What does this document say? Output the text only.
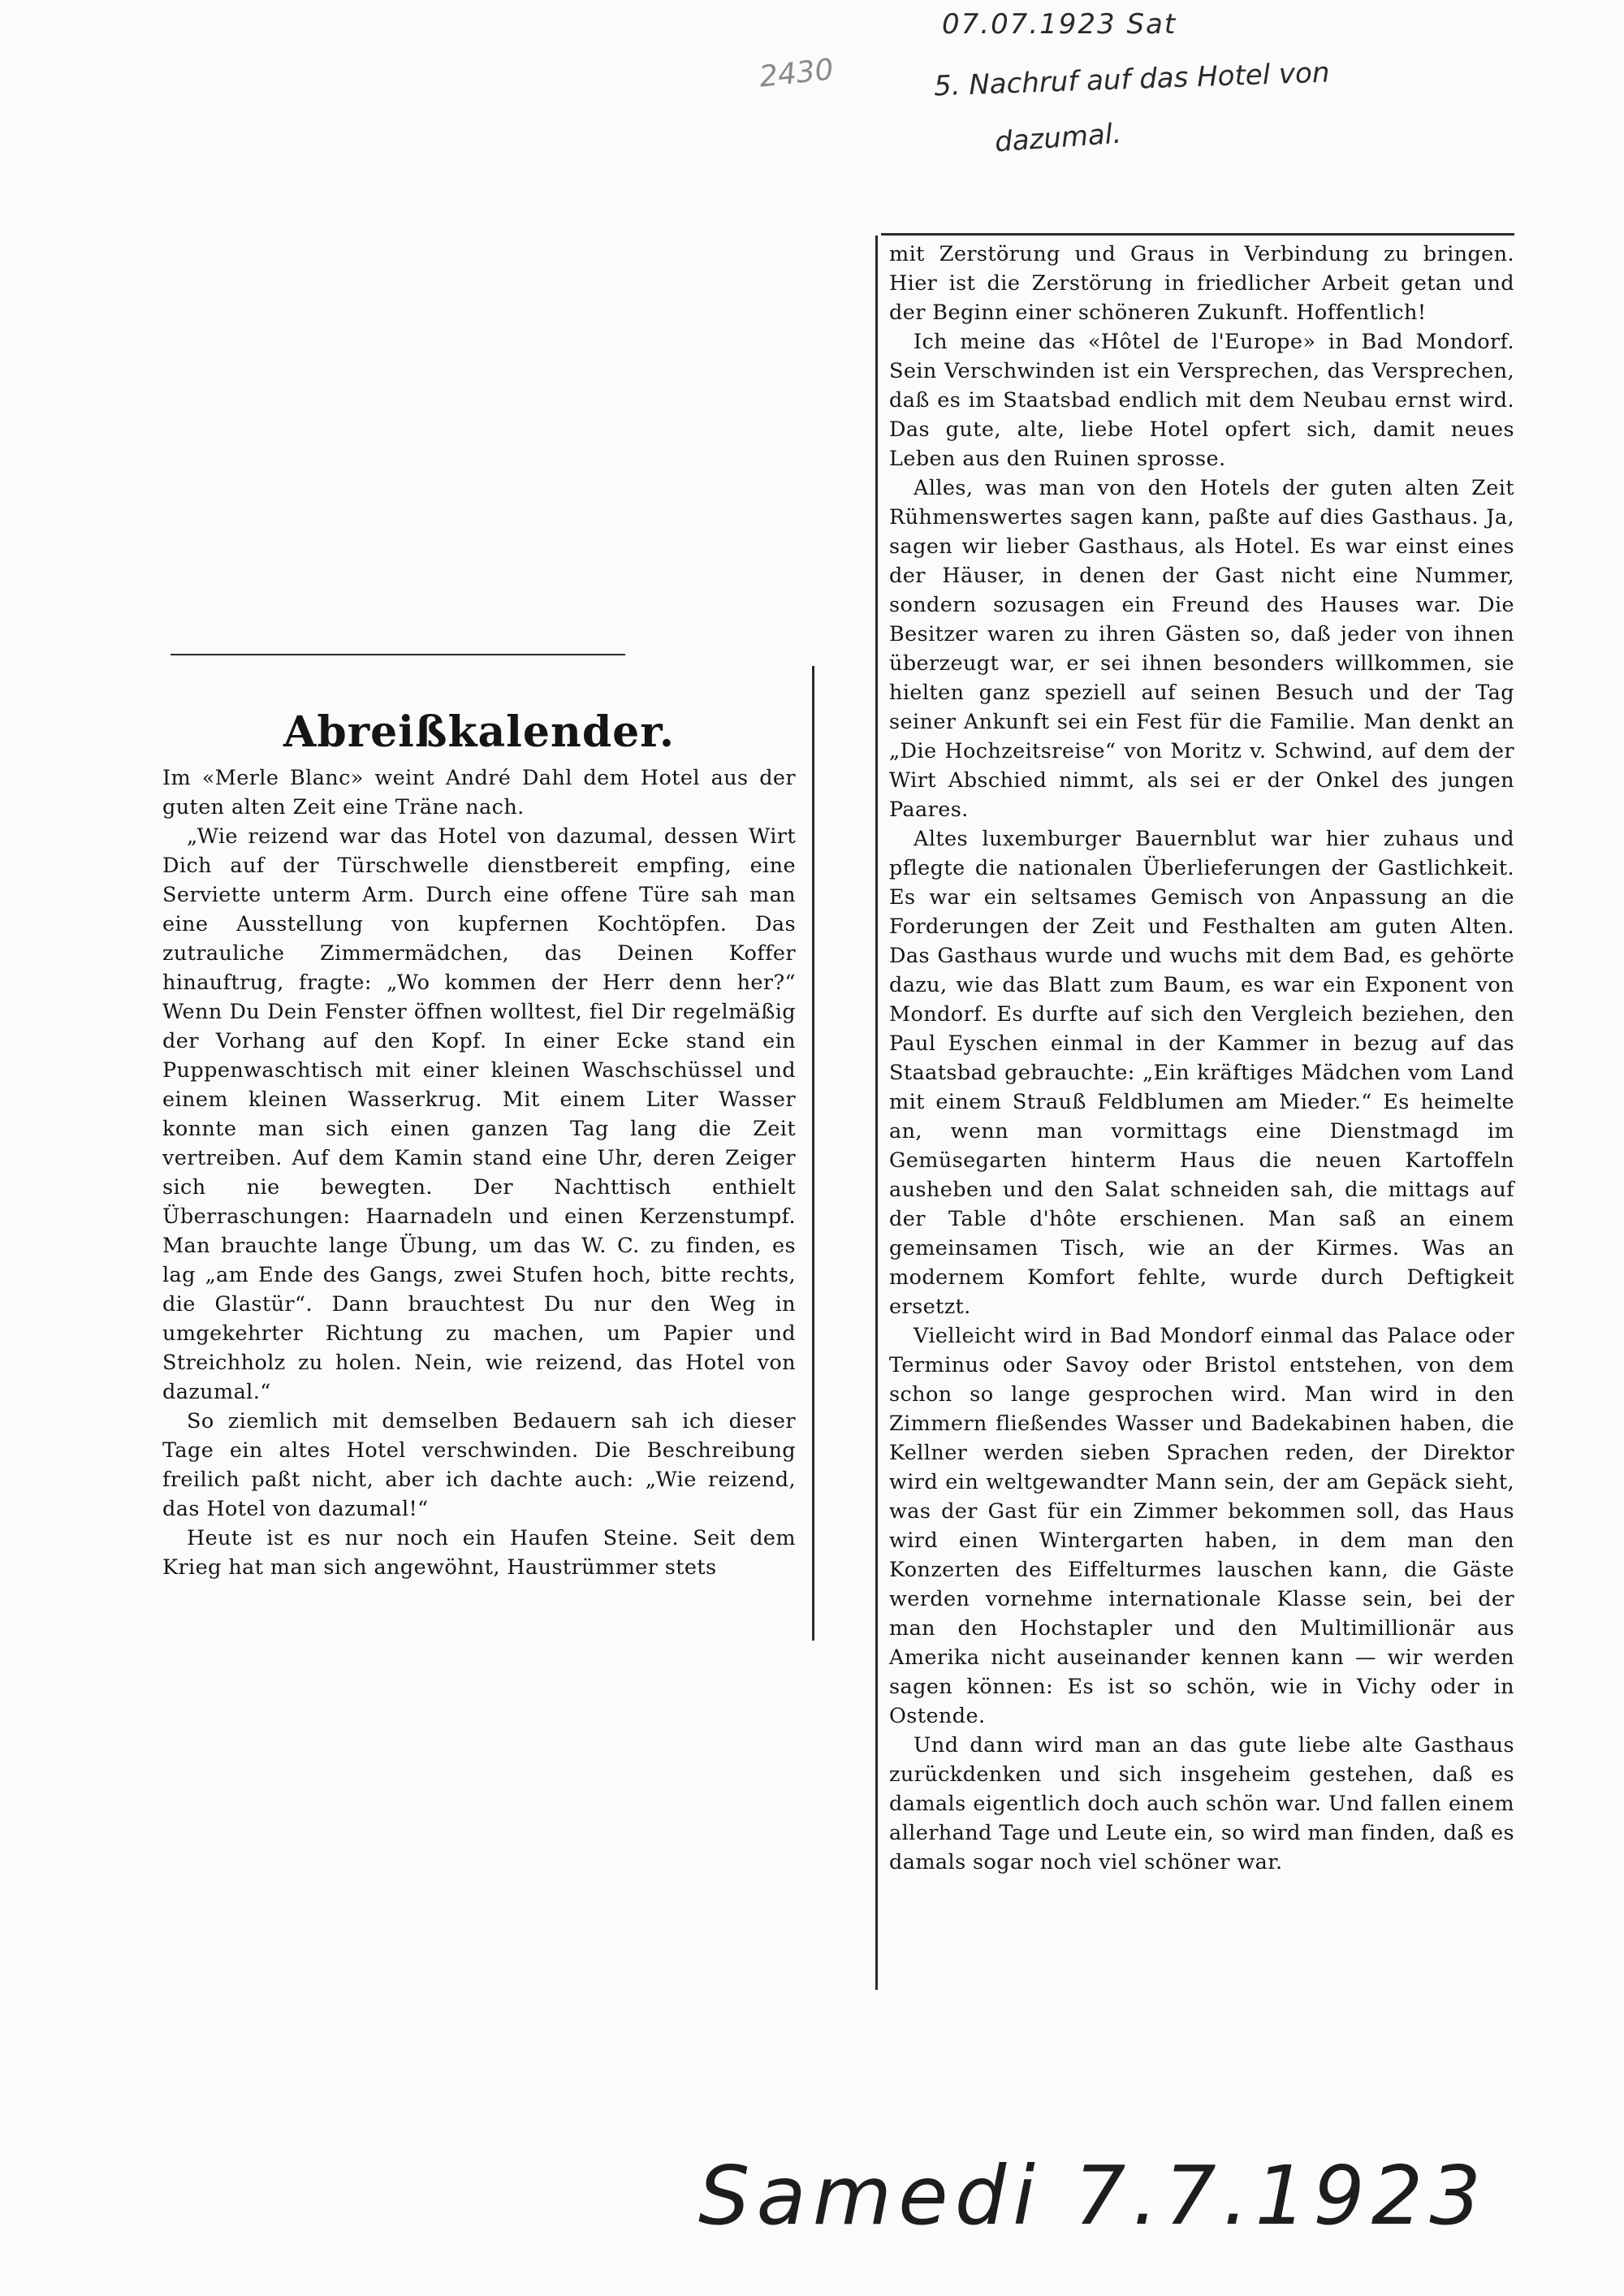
07.07.1923 Sat
2430	5. Nachruf auf das Hotel von
dazumal.
Abreißkalender.

Im «Merle Blanc» weint André Dahl dem Hotel aus der guten alten Zeit eine Träne nach.

„Wie reizend war das Hotel von dazumal, dessen Wirt Dich auf der Türschwelle dienstbereit empfing, eine Serviette unterm Arm. Durch eine offene Türe sah man eine Ausstellung von kupfernen Kochtöpfen. Das zutrauliche Zimmermädchen, das Deinen Koffer hinauftrug, fragte: „Wo kommen der Herr denn her?“ Wenn Du Dein Fenster öffnen wolltest, fiel Dir regelmäßig der Vorhang auf den Kopf. In einer Ecke stand ein Puppenwaschtisch mit einer kleinen Waschschüssel und einem kleinen Wasserkrug. Mit einem Liter Wasser konnte man sich einen ganzen Tag lang die Zeit vertreiben. Auf dem Kamin stand eine Uhr, deren Zeiger sich nie bewegten. Der Nachttisch enthielt Überraschungen: Haarnadeln und einen Kerzenstumpf. Man brauchte lange Übung, um das W. C. zu finden, es lag „am Ende des Gangs, zwei Stufen hoch, bitte rechts, die Glastür“. Dann brauchtest Du nur den Weg in umgekehrter Richtung zu machen, um Papier und Streichholz zu holen. Nein, wie reizend, das Hotel von dazumal.“

So ziemlich mit demselben Bedauern sah ich dieser Tage ein altes Hotel verschwinden. Die Beschreibung freilich paßt nicht, aber ich dachte auch: „Wie reizend, das Hotel von dazumal!“

Heute ist es nur noch ein Haufen Steine. Seit dem Krieg hat man sich angewöhnt, Haustrümmer stets

mit Zerstörung und Graus in Verbindung zu bringen. Hier ist die Zerstörung in friedlicher Arbeit getan und der Beginn einer schöneren Zukunft. Hoffentlich!

Ich meine das «Hôtel de l'Europe» in Bad Mondorf. Sein Verschwinden ist ein Versprechen, das Versprechen, daß es im Staatsbad endlich mit dem Neubau ernst wird. Das gute, alte, liebe Hotel opfert sich, damit neues Leben aus den Ruinen sprosse.

Alles, was man von den Hotels der guten alten Zeit Rühmenswertes sagen kann, paßte auf dies Gasthaus. Ja, sagen wir lieber Gasthaus, als Hotel. Es war einst eines der Häuser, in denen der Gast nicht eine Nummer, sondern sozusagen ein Freund des Hauses war. Die Besitzer waren zu ihren Gästen so, daß jeder von ihnen überzeugt war, er sei ihnen besonders willkommen, sie hielten ganz speziell auf seinen Besuch und der Tag seiner Ankunft sei ein Fest für die Familie. Man denkt an „Die Hochzeitsreise“ von Moritz v. Schwind, auf dem der Wirt Abschied nimmt, als sei er der Onkel des jungen Paares.

Altes luxemburger Bauernblut war hier zuhaus und pflegte die nationalen Überlieferungen der Gastlichkeit. Es war ein seltsames Gemisch von Anpassung an die Forderungen der Zeit und Festhalten am guten Alten. Das Gasthaus wurde und wuchs mit dem Bad, es gehörte dazu, wie das Blatt zum Baum, es war ein Exponent von Mondorf. Es durfte auf sich den Vergleich beziehen, den Paul Eyschen einmal in der Kammer in bezug auf das Staatsbad gebrauchte: „Ein kräftiges Mädchen vom Land mit einem Strauß Feldblumen am Mieder.“ Es heimelte an, wenn man vormittags eine Dienstmagd im Gemüsegarten hinterm Haus die neuen Kartoffeln ausheben und den Salat schneiden sah, die mittags auf der Table d'hôte erschienen. Man saß an einem gemeinsamen Tisch, wie an der Kirmes. Was an modernem Komfort fehlte, wurde durch Deftigkeit ersetzt.

Vielleicht wird in Bad Mondorf einmal das Palace oder Terminus oder Savoy oder Bristol entstehen, von dem schon so lange gesprochen wird. Man wird in den Zimmern fließendes Wasser und Badekabinen haben, die Kellner werden sieben Sprachen reden, der Direktor wird ein weltgewandter Mann sein, der am Gepäck sieht, was der Gast für ein Zimmer bekommen soll, das Haus wird einen Wintergarten haben, in dem man den Konzerten des Eiffelturmes lauschen kann, die Gäste werden vornehme internationale Klasse sein, bei der man den Hochstapler und den Multimillionär aus Amerika nicht auseinander kennen kann — wir werden sagen können: Es ist so schön, wie in Vichy oder in Ostende.

Und dann wird man an das gute liebe alte Gasthaus zurückdenken und sich insgeheim gestehen, daß es damals eigentlich doch auch schön war. Und fallen einem allerhand Tage und Leute ein, so wird man finden, daß es damals sogar noch viel schöner war.

Samedi 7.7.1923
